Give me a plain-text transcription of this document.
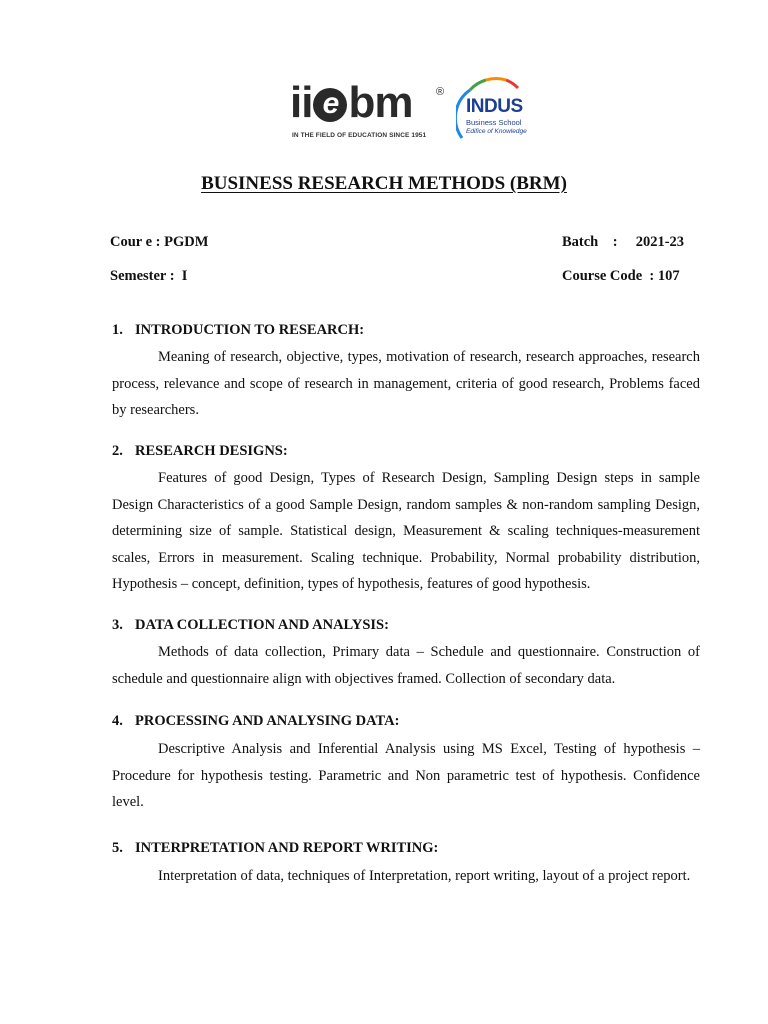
ii e bm ®
IN THE FIELD OF EDUCATION SINCE 1951
INDUS
Business School
Edifice of Knowledge
BUSINESS RESEARCH METHODS (BRM)
Cour e : PGDM	Batch    :     2021-23
Semester :  I	Course Code  : 107
1. INTRODUCTION TO RESEARCH:

Meaning of research, objective, types, motivation of research, research approaches, research process, relevance and scope of research in management, criteria of good research, Problems faced by researchers.

2. RESEARCH DESIGNS:

Features of good Design, Types of Research Design, Sampling Design steps in sample Design Characteristics of a good Sample Design, random samples & non-random sampling Design, determining size of sample. Statistical design, Measurement & scaling techniques-measurement scales, Errors in measurement. Scaling technique. Probability, Normal probability distribution, Hypothesis – concept, definition, types of hypothesis, features of good hypothesis.

3. DATA COLLECTION AND ANALYSIS:

Methods of data collection, Primary data – Schedule and questionnaire. Construction of schedule and questionnaire align with objectives framed. Collection of secondary data.

4. PROCESSING AND ANALYSING DATA:

Descriptive Analysis and Inferential Analysis using MS Excel, Testing of hypothesis – Procedure for hypothesis testing. Parametric and Non parametric test of hypothesis. Confidence level.

5. INTERPRETATION AND REPORT WRITING:

Interpretation of data, techniques of Interpretation, report writing, layout of a project report.
